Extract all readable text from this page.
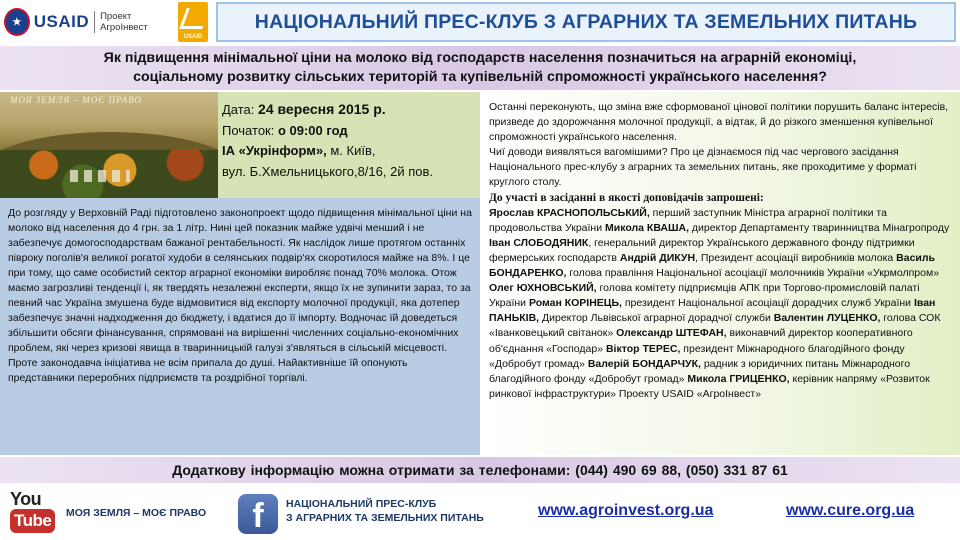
★ USAID Проект АгроІнвест
USAID
НАЦІОНАЛЬНИЙ ПРЕС-КЛУБ З АГРАРНИХ ТА ЗЕМЕЛЬНИХ ПИТАНЬ
Як підвищення мінімальної ціни на молоко від господарств населення позначиться на аграрній економіці,
соціальному розвитку сільських територій та купівельній спроможності українського населення?
МОЯ ЗЕМЛЯ – МОЄ ПРАВО
Дата: 24 вересня 2015 р.
Початок: о 09:00 год
ІА «Укрінформ», м. Київ,
вул. Б.Хмельницького,8/16, 2й пов.

До розгляду у Верховній Раді підготовлено законопроект щодо підвищення мінімальної ціни на молоко від населення до 4 грн. за 1 літр. Нині цей показник майже удвічі менший і не забезпечує домогосподарствам бажаної рентабельності. Як наслідок лише протягом останніх півроку поголів'я великої рогатої худоби в селянських подвір'ях скоротилося майже на 8%. І це при тому, що саме особистий сектор аграрної економіки виробляє понад 70% молока. Отож маємо загрозливі тенденції і, як твердять незалежні експерти, якщо їх не зупинити зараз, то за певний час Україна змушена буде відмовитися від експорту молочної продукції, яка дотепер забезпечує значні надходження до бюджету, і вдатися до її імпорту. Водночас їй доведеться збільшити обсяги фінансування, спрямовані на вирішенні численних соціально-економічних проблем, які через кризові явища в тваринницькій галузі з'являться в сільській місцевості.

Проте законодавча ініціатива не всім припала до душі. Найактивніше їй опонують представники переробних підприємств та роздрібної торгівлі.

Останні переконують, що зміна вже сформованої цінової політики порушить баланс інтересів, призведе до здорожчання молочної продукції, а відтак, й до різкого зменшення купівельної спроможності українського населення.

Чиї доводи виявляться вагомішими? Про це дізнаємося під час чергового засідання Національного прес-клубу з аграрних та земельних питань, яке проходитиме у форматі круглого столу.

До участі в засіданні в якості доповідачів запрошені:

Ярослав КРАСНОПОЛЬСЬКИЙ, перший заступник Міністра аграрної політики та продовольства України Микола КВАША, директор Департаменту тваринництва Мінагропроду Іван СЛОБОДЯНИК, генеральний директор Українського державного фонду підтримки фермерських господарств Андрій ДИКУН, Президент асоціації виробників молока Василь БОНДАРЕНКО, голова правління Національної асоціації молочників України «Укрмолпром» Олег ЮХНОВСЬКИЙ, голова комітету підприємців АПК при Торгово-промисловій палаті України Роман КОРІНЕЦЬ, президент Національної асоціації дорадчих служб України Іван ПАНЬКІВ, Директор Львівської аграрної дорадчої служби Валентин ЛУЦЕНКО, голова СОК «Іванковецький світанок» Олександр ШТЕФАН, виконавчий директор кооперативного об'єднання «Господар» Віктор ТЕРЕС, президент Міжнародного благодійного фонду «Добробут громад» Валерій БОНДАРЧУК, радник з юридичних питань Міжнародного благодійного фонду «Добробут громад» Микола ГРИЦЕНКО, керівник напряму «Розвиток ринкової інфраструктури» Проекту USAID «АгроІнвест»

Додаткову інформацію можна отримати за телефонами: (044) 490 69 88, (050) 331 87 61
You
Tube	МОЯ ЗЕМЛЯ – МОЄ ПРАВО	f	НАЦІОНАЛЬНИЙ ПРЕС-КЛУБ
З АГРАРНИХ ТА ЗЕМЕЛЬНИХ ПИТАНЬ	www.agroinvest.org.ua	www.cure.org.ua
